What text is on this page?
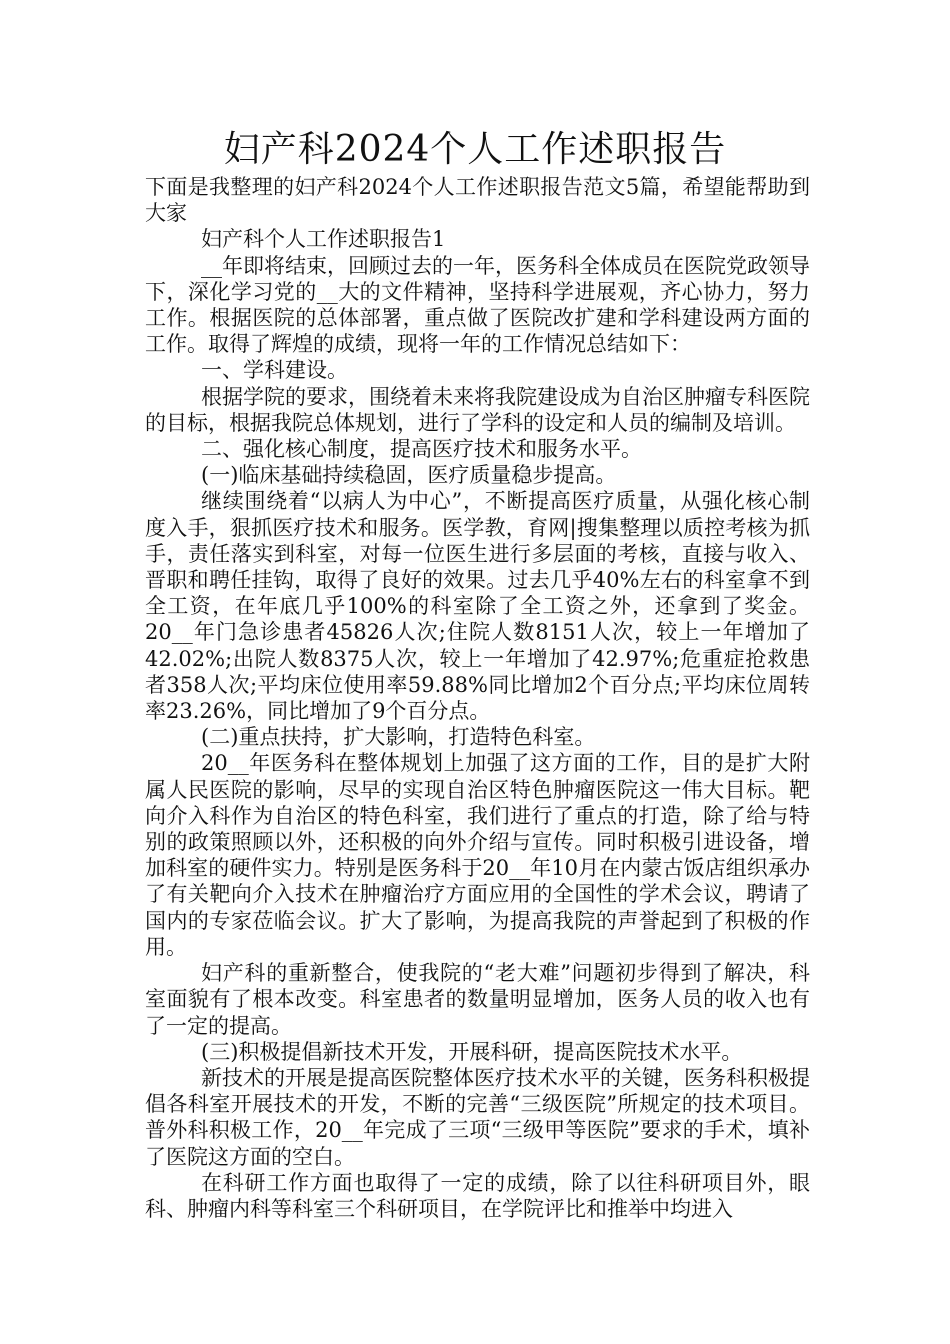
妇产科2024个人工作述职报告

下面是我整理的妇产科2024个人工作述职报告范文5篇，希望能帮助到大家

妇产科个人工作述职报告1

__年即将结束，回顾过去的一年，医务科全体成员在医院党政领导下，深化学习党的__大的文件精神，坚持科学进展观，齐心协力，努力工作。根据医院的总体部署，重点做了医院改扩建和学科建设两方面的工作。取得了辉煌的成绩，现将一年的工作情况总结如下：

一、学科建设。

根据学院的要求，围绕着未来将我院建设成为自治区肿瘤专科医院的目标，根据我院总体规划，进行了学科的设定和人员的编制及培训。

二、强化核心制度，提高医疗技术和服务水平。

(一)临床基础持续稳固，医疗质量稳步提高。

继续围绕着“以病人为中心”，不断提高医疗质量，从强化核心制度入手，狠抓医疗技术和服务。医学教，育网|搜集整理以质控考核为抓手，责任落实到科室，对每一位医生进行多层面的考核，直接与收入、晋职和聘任挂钩，取得了良好的效果。过去几乎40%左右的科室拿不到全工资，在年底几乎100%的科室除了全工资之外，还拿到了奖金。20__年门急诊患者45826人次;住院人数8151人次，较上一年增加了42.02%;出院人数8375人次，较上一年增加了42.97%;危重症抢救患者358人次;平均床位使用率59.88%同比增加2个百分点;平均床位周转率23.26%，同比增加了9个百分点。

(二)重点扶持，扩大影响，打造特色科室。

20__年医务科在整体规划上加强了这方面的工作，目的是扩大附属人民医院的影响，尽早的实现自治区特色肿瘤医院这一伟大目标。靶向介入科作为自治区的特色科室，我们进行了重点的打造，除了给与特别的政策照顾以外，还积极的向外介绍与宣传。同时积极引进设备，增加科室的硬件实力。特别是医务科于20__年10月在内蒙古饭店组织承办了有关靶向介入技术在肿瘤治疗方面应用的全国性的学术会议，聘请了国内的专家莅临会议。扩大了影响，为提高我院的声誉起到了积极的作用。

妇产科的重新整合，使我院的“老大难”问题初步得到了解决，科室面貌有了根本改变。科室患者的数量明显增加，医务人员的收入也有了一定的提高。

(三)积极提倡新技术开发，开展科研，提高医院技术水平。

新技术的开展是提高医院整体医疗技术水平的关键，医务科积极提倡各科室开展技术的开发，不断的完善“三级医院”所规定的技术项目。普外科积极工作，20__年完成了三项“三级甲等医院”要求的手术，填补了医院这方面的空白。

在科研工作方面也取得了一定的成绩，除了以往科研项目外，眼科、肿瘤内科等科室三个科研项目，在学院评比和推举中均进入
